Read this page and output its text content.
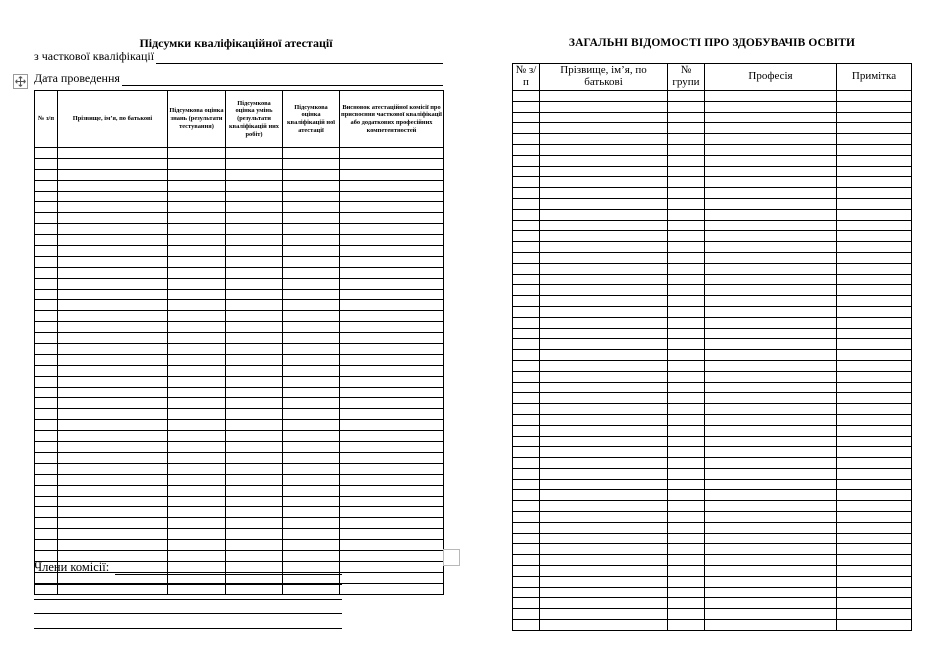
Підсумки кваліфікаційної атестації
з часткової кваліфікації
Дата проведення
№ з/п	Прізвище, ім’я, по батькові	Підсумкова оцінка знань (результати тестування)	Підсумкова оцінка умінь (результати кваліфікацій них робіт)	Підсумкова оцінка кваліфікацій ної атестації	Висновок атестаційної комісії про присвоєння часткової кваліфікації або додаткових професійних компетентностей

Члени комісії:
ЗАГАЛЬНІ ВІДОМОСТІ ПРО ЗДОБУВАЧІВ ОСВІТИ
№ з/п	Прізвище, ім’я, по батькові	№ групи	Професія	Примітка
